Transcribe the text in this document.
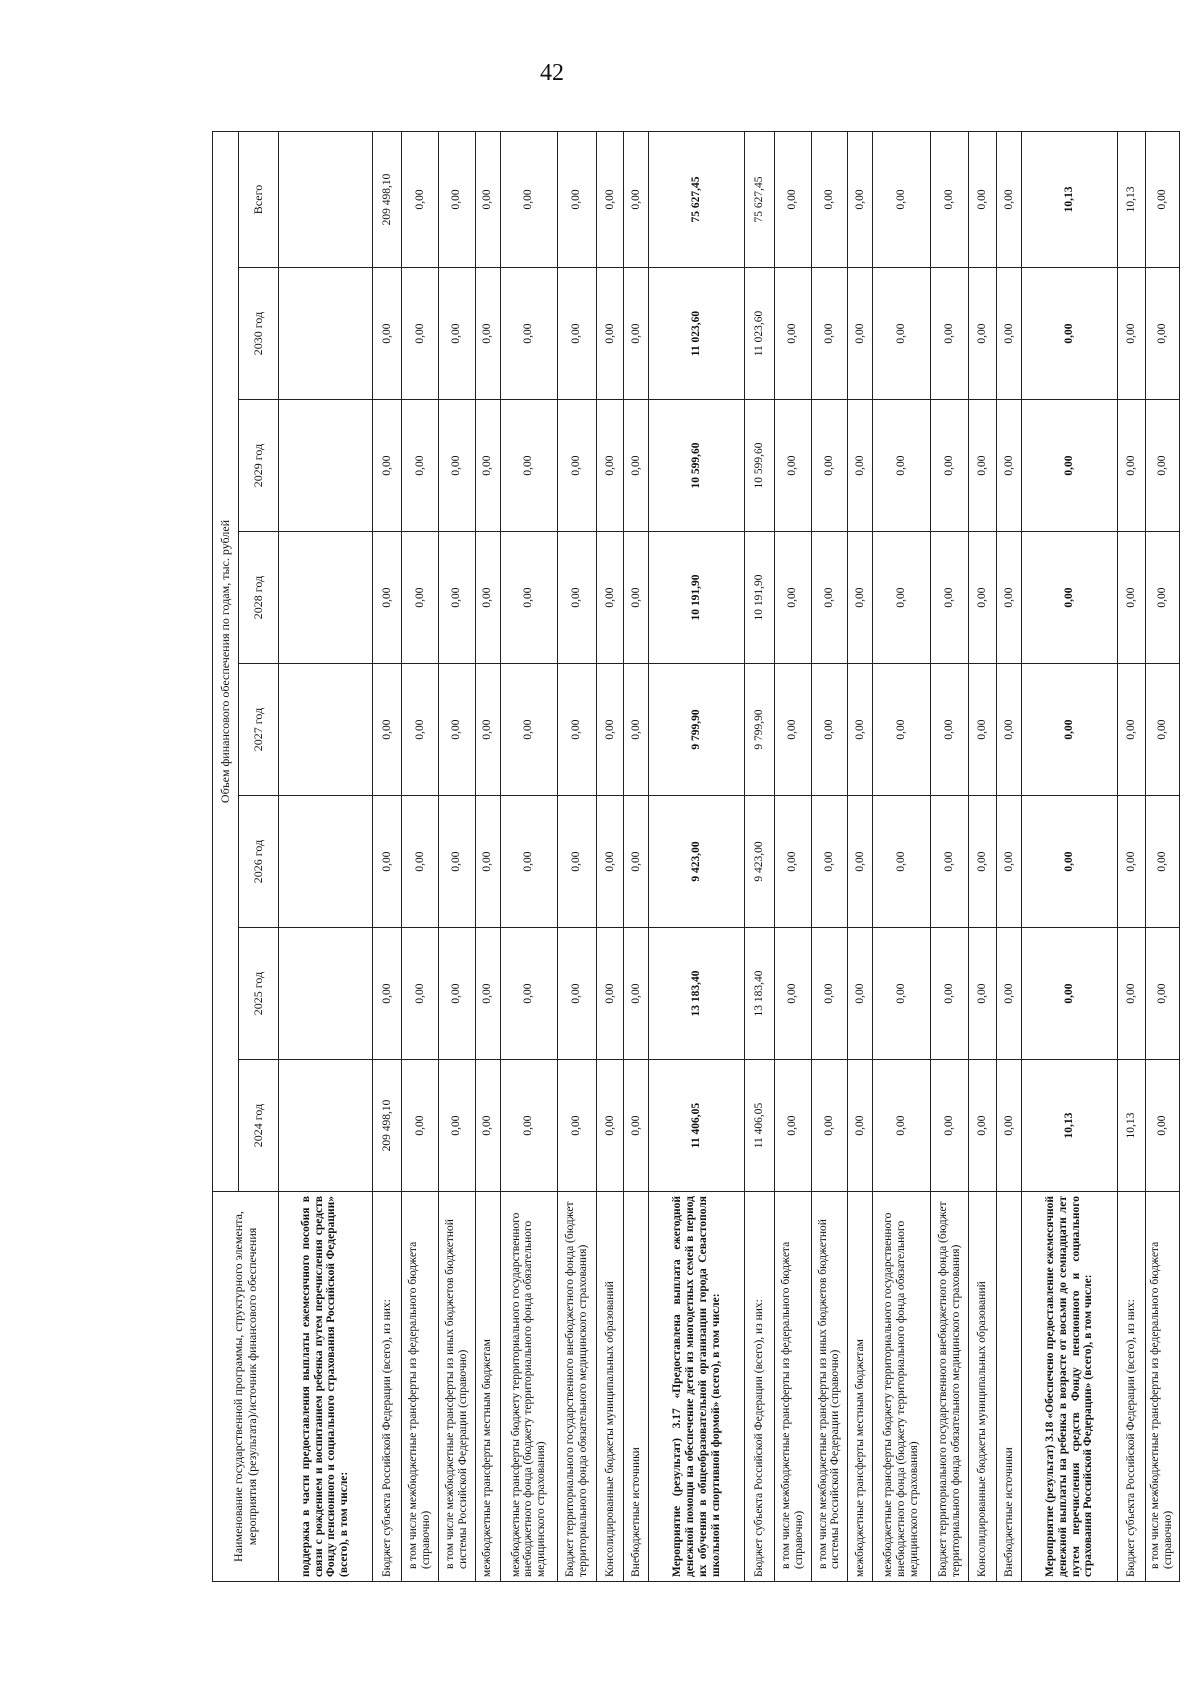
42
Наименование государственной программы, структурного элемента, мероприятия (результата)/источник финансового обеспечения	Объем финансового обеспечения по годам, тыс. рублей							
	2024 год	2025 год	2026 год	2027 год	2028 год	2029 год	2030 год	Всего
поддержка в части предоставления выплаты ежемесячного пособия в связи с рождением и воспитанием ребенка путем перечисления средств Фонду пенсионного и социального страхования Российской Федерации» (всего), в том числе:								
Бюджет субъекта Российской Федерации (всего), из них:	209 498,10	0,00	0,00	0,00	0,00	0,00	0,00	209 498,10
в том числе межбюджетные трансферты из федерального бюджета (справочно)	0,00	0,00	0,00	0,00	0,00	0,00	0,00	0,00
в том числе межбюджетные трансферты из иных бюджетов бюджетной системы Российской Федерации (справочно)	0,00	0,00	0,00	0,00	0,00	0,00	0,00	0,00
межбюджетные трансферты местным бюджетам	0,00	0,00	0,00	0,00	0,00	0,00	0,00	0,00
межбюджетные трансферты бюджету территориального государственного внебюджетного фонда (бюджету территориального фонда обязательного медицинского страхования)	0,00	0,00	0,00	0,00	0,00	0,00	0,00	0,00
Бюджет территориального государственного внебюджетного фонда (бюджет территориального фонда обязательного медицинского страхования)	0,00	0,00	0,00	0,00	0,00	0,00	0,00	0,00
Консолидированные бюджеты муниципальных образований	0,00	0,00	0,00	0,00	0,00	0,00	0,00	0,00
Внебюджетные источники	0,00	0,00	0,00	0,00	0,00	0,00	0,00	0,00
Мероприятие (результат) 3.17 «Предоставлена выплата ежегодной денежной помощи на обеспечение детей из многодетных семей в период их обучения в общеобразовательной организации города Севастополя школьной и спортивной формой» (всего), в том числе:	11 406,05	13 183,40	9 423,00	9 799,90	10 191,90	10 599,60	11 023,60	75 627,45
Бюджет субъекта Российской Федерации (всего), из них:	11 406,05	13 183,40	9 423,00	9 799,90	10 191,90	10 599,60	11 023,60	75 627,45
в том числе межбюджетные трансферты из федерального бюджета (справочно)	0,00	0,00	0,00	0,00	0,00	0,00	0,00	0,00
в том числе межбюджетные трансферты из иных бюджетов бюджетной системы Российской Федерации (справочно)	0,00	0,00	0,00	0,00	0,00	0,00	0,00	0,00
межбюджетные трансферты местным бюджетам	0,00	0,00	0,00	0,00	0,00	0,00	0,00	0,00
межбюджетные трансферты бюджету территориального государственного внебюджетного фонда (бюджету территориального фонда обязательного медицинского страхования)	0,00	0,00	0,00	0,00	0,00	0,00	0,00	0,00
Бюджет территориального государственного внебюджетного фонда (бюджет территориального фонда обязательного медицинского страхования)	0,00	0,00	0,00	0,00	0,00	0,00	0,00	0,00
Консолидированные бюджеты муниципальных образований	0,00	0,00	0,00	0,00	0,00	0,00	0,00	0,00
Внебюджетные источники	0,00	0,00	0,00	0,00	0,00	0,00	0,00	0,00
Мероприятие (результат) 3.18 «Обеспечено предоставление ежемесячной денежной выплаты на ребенка в возрасте от восьми до семнадцати лет путем перечисления средств Фонду пенсионного и социального страхования Российской Федерации» (всего), в том числе:	10,13	0,00	0,00	0,00	0,00	0,00	0,00	10,13
Бюджет субъекта Российской Федерации (всего), из них:	10,13	0,00	0,00	0,00	0,00	0,00	0,00	10,13
в том числе межбюджетные трансферты из федерального бюджета (справочно)	0,00	0,00	0,00	0,00	0,00	0,00	0,00	0,00
